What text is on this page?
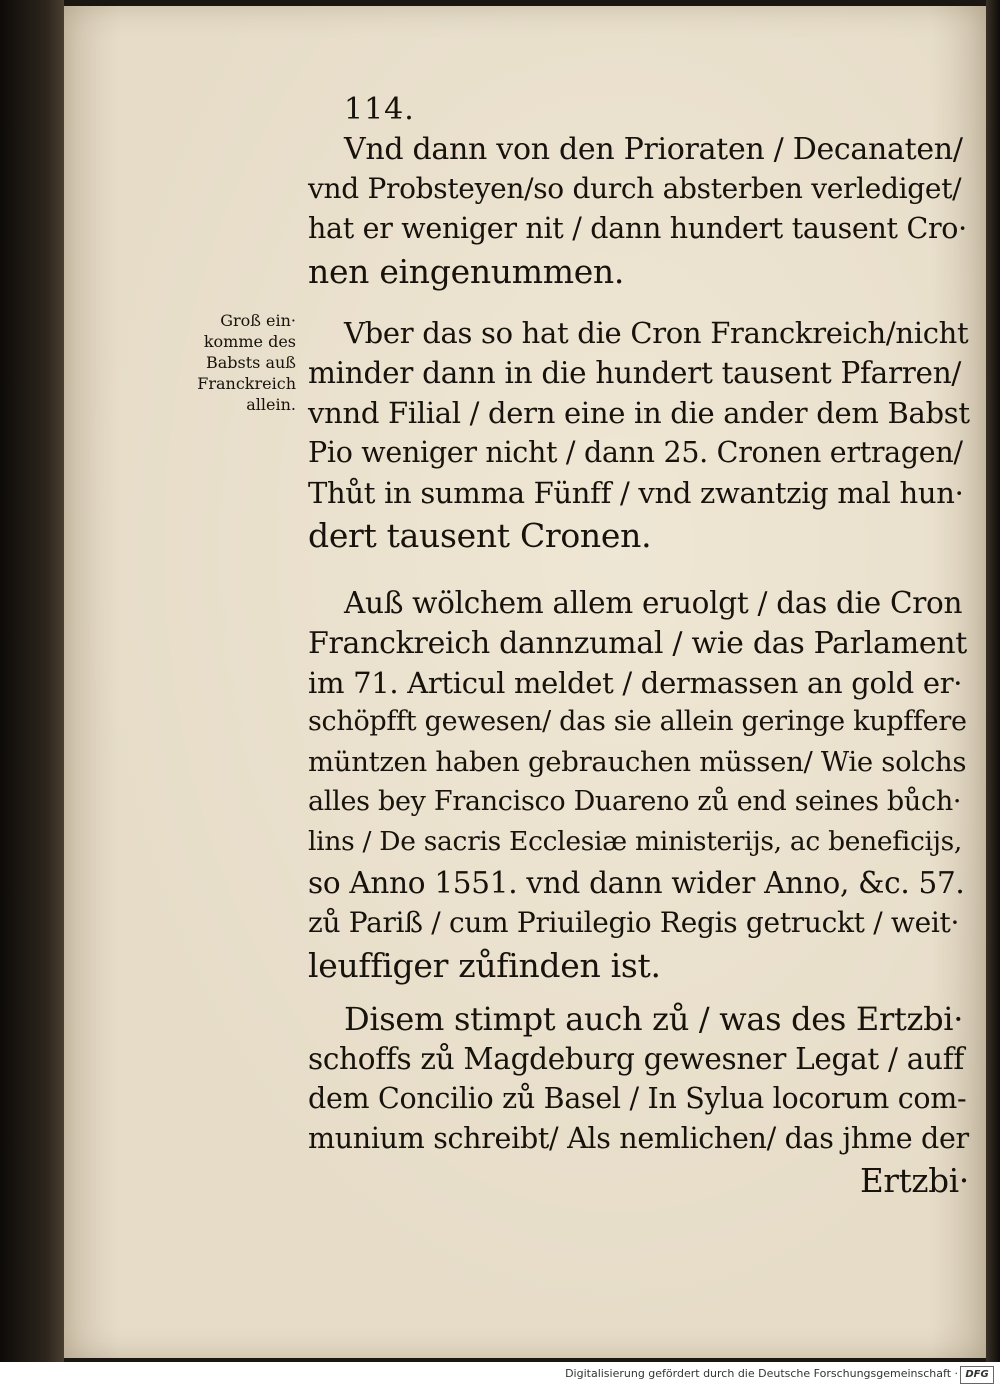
114.
Groß ein·
komme des
Babsts auß
Franckreich
allein.
Vnd dann von den Prioraten / Decanaten/
vnd Probsteyen/so durch absterben verlediget/
hat er weniger nit / dann hundert tausent Cro·
nen eingenummen.
Vber das so hat die Cron Franckreich/nicht
minder dann in die hundert tausent Pfarren/
vnnd Filial / dern eine in die ander dem Babst
Pio weniger nicht / dann 25. Cronen ertragen/
Thůt in summa Fünff / vnd zwantzig mal hun·
dert tausent Cronen.
Auß wölchem allem eruolgt / das die Cron
Franckreich dannzumal / wie das Parlament
im 71. Articul meldet / dermassen an gold er·
schöpfft gewesen/ das sie allein geringe kupffere
müntzen haben gebrauchen müssen/ Wie solchs
alles bey Francisco Duareno zů end seines bůch·
lins / De sacris Ecclesiæ ministerijs, ac beneficijs,
so Anno 1551. vnd dann wider Anno, &c. 57.
zů Pariß / cum Priuilegio Regis getruckt / weit·
leuffiger zůfinden ist.
Disem stimpt auch zů / was des Ertzbi·
schoffs zů Magdeburg gewesner Legat / auff
dem Concilio zů Basel / In Sylua locorum com-
munium schreibt/ Als nemlichen/ das jhme der
Ertzbi·
Digitalisierung gefördert durch die Deutsche Forschungsgemeinschaft · DFG
